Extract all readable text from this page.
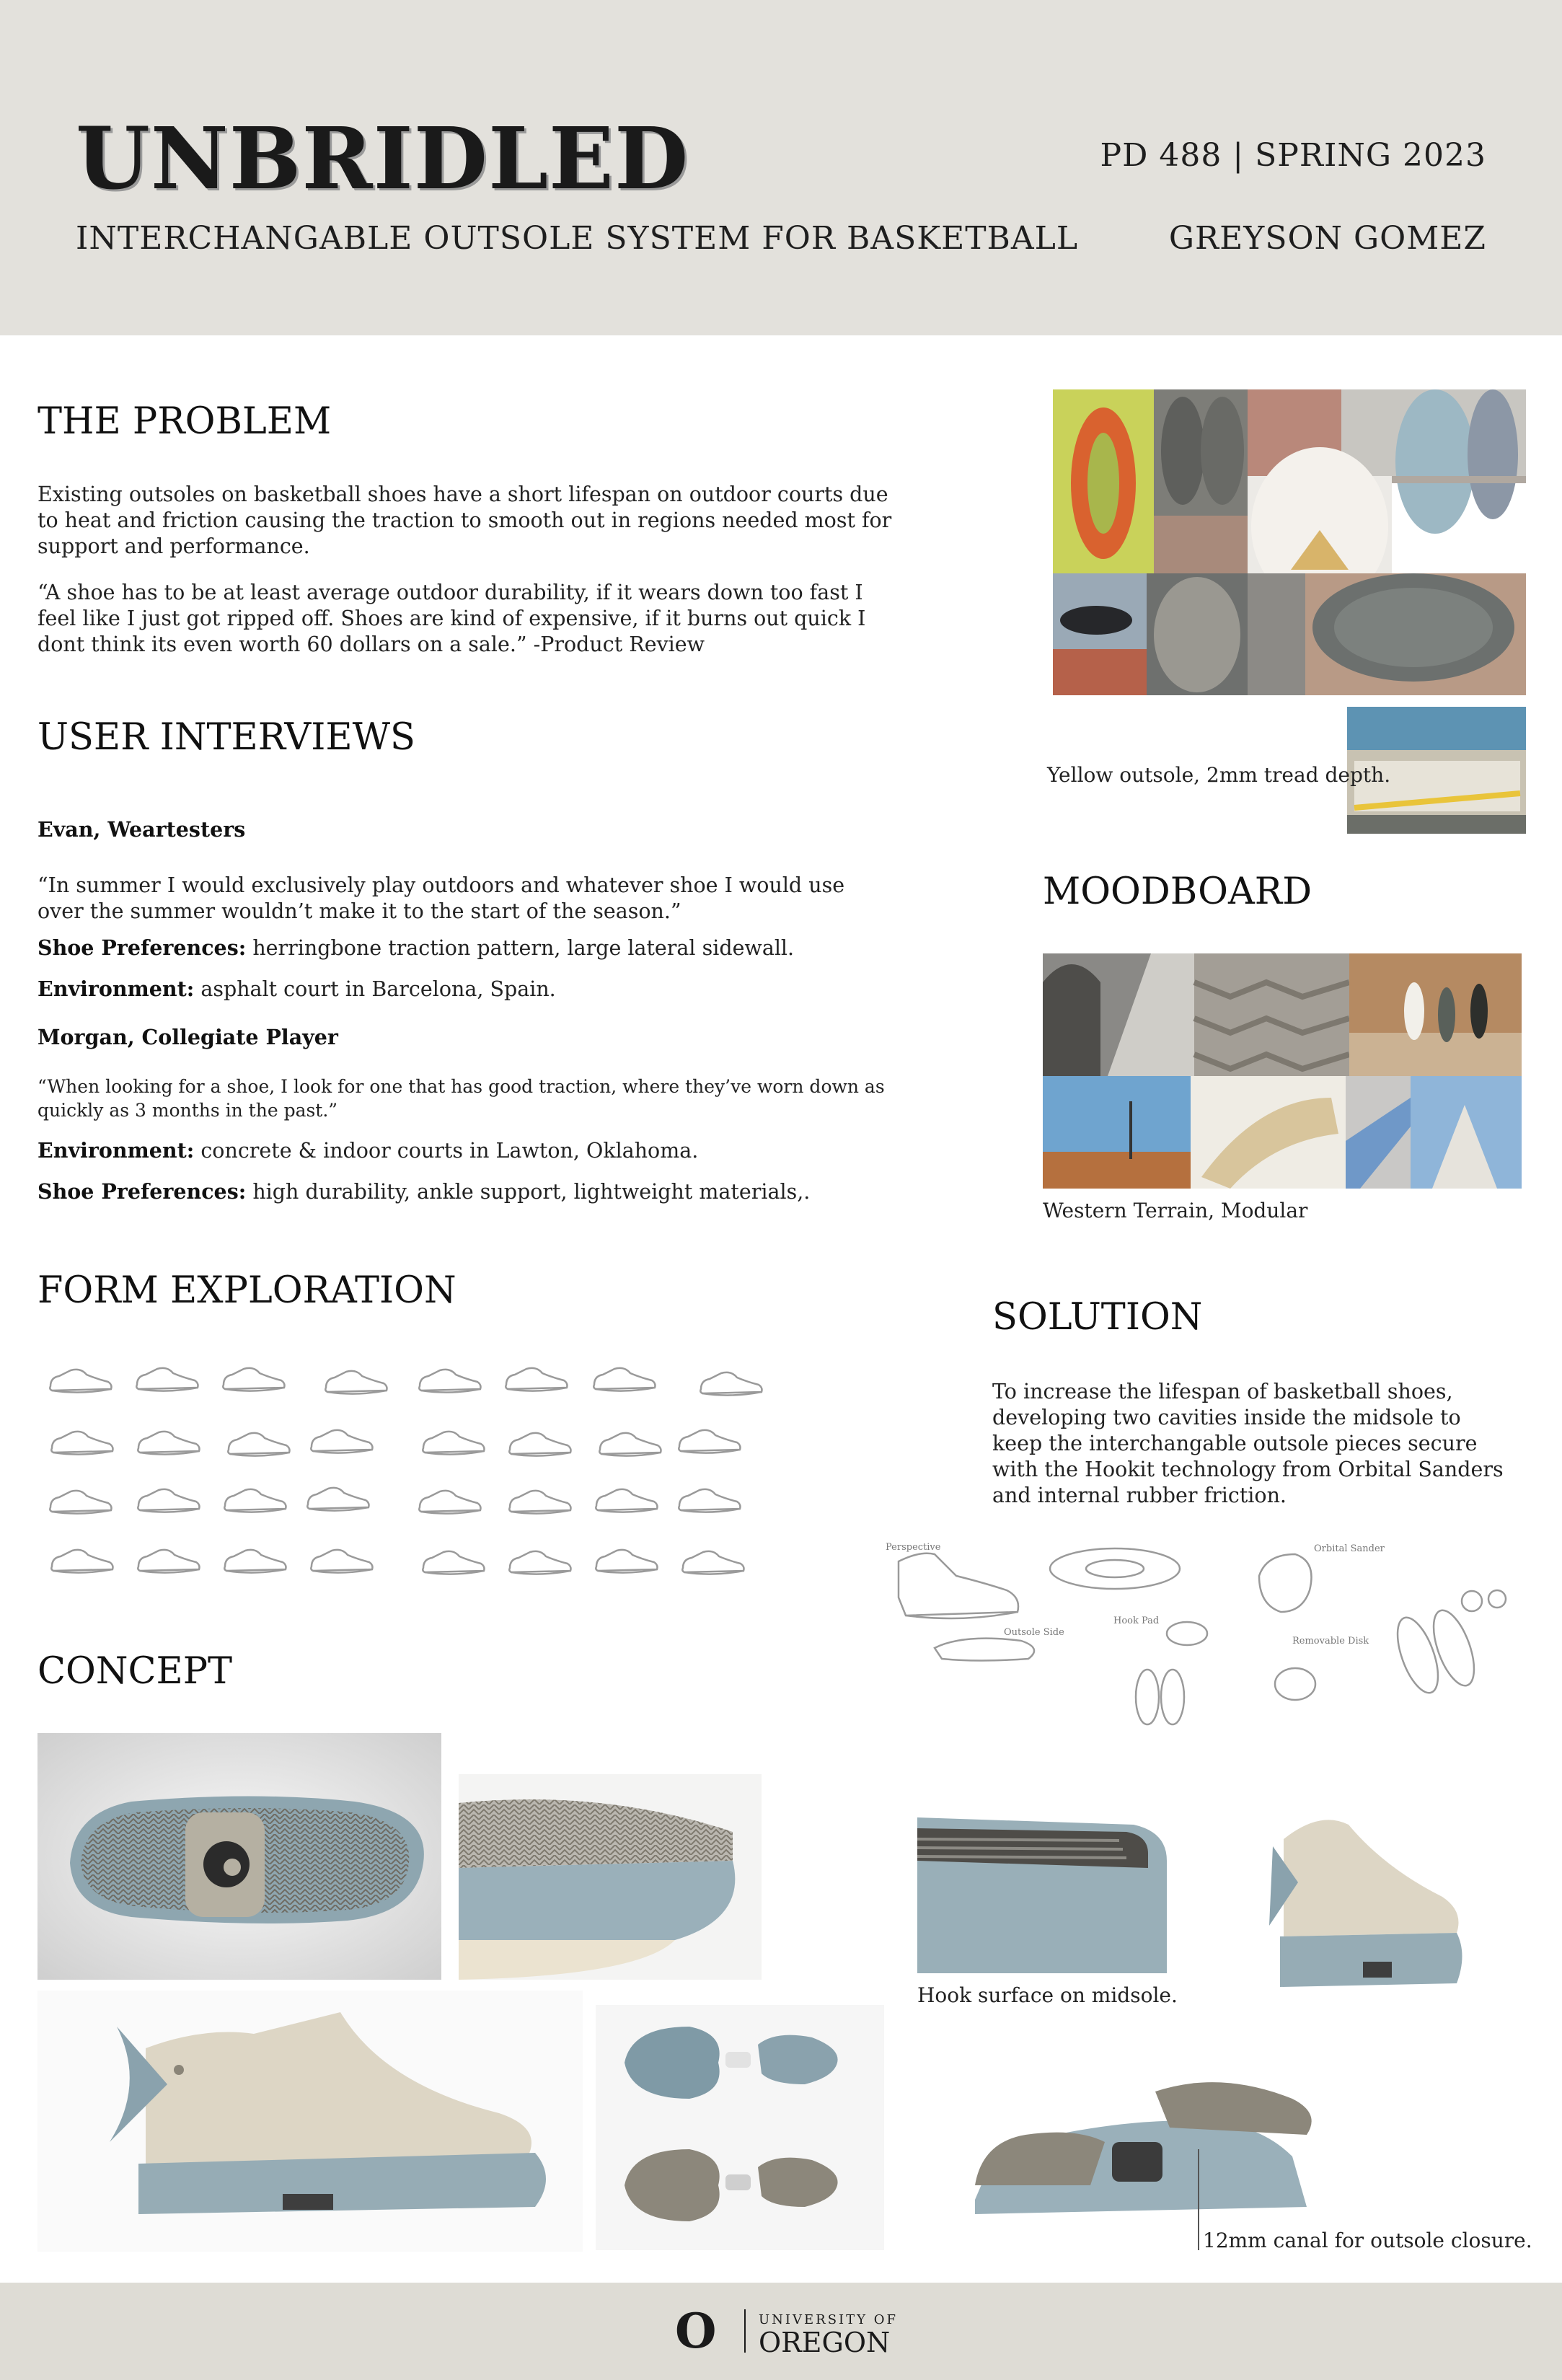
UNBRIDLED
INTERCHANGABLE OUTSOLE SYSTEM FOR BASKETBALL
PD 488 | SPRING 2023
GREYSON GOMEZ
THE PROBLEM
Existing outsoles on basketball shoes have a short lifespan on outdoor courts due to heat and friction causing the traction to smooth out in regions needed most for support and performance.
“A shoe has to be at least average outdoor durability, if it wears down too fast I feel like I just got ripped off. Shoes are kind of expensive, if it burns out quick I dont think its even worth 60 dollars on a sale.” -Product Review
Yellow outsole, 2mm tread depth.
USER INTERVIEWS
Evan, Weartesters
“In summer I would exclusively play outdoors and whatever shoe I would use over the summer wouldn’t make it to the start of the season.”
Shoe Preferences: herringbone traction pattern, large lateral sidewall.
Environment: asphalt court in Barcelona, Spain.
Morgan, Collegiate Player
“When looking for a shoe, I look for one that has good traction, where they’ve worn down as quickly as 3 months in the past.”
Environment: concrete & indoor courts in Lawton, Oklahoma.
Shoe Preferences: high durability, ankle support, lightweight materials,.
MOODBOARD
Western Terrain, Modular
FORM EXPLORATION
SOLUTION
To increase the lifespan of basketball shoes, developing two cavities inside the midsole to keep the interchangable outsole pieces secure with the Hookit technology from Orbital Sanders and internal rubber friction.
Perspective
Outsole Side
Hook Pad
Orbital Sander
Removable Disk
CONCEPT
Hook surface on midsole.
12mm canal for outsole closure.
O	UNIVERSITY OF
OREGON
